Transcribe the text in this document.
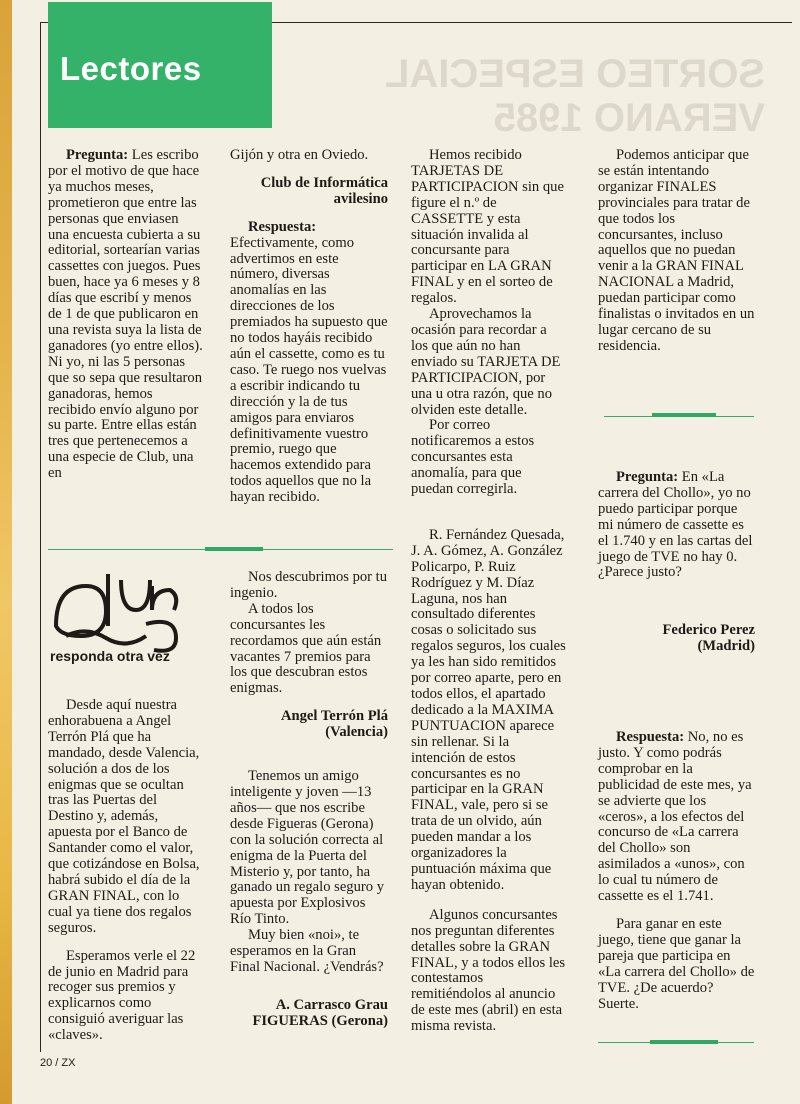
SORTEO ESPECIAL
VERANO 1985
Lectores

Pregunta: Les escribo por el motivo de que hace ya muchos meses, prometieron que entre las personas que enviasen una encuesta cubierta a su editorial, sortearían varias cassettes con juegos. Pues buen, hace ya 6 meses y 8 días que escribí y menos de 1 de que publicaron en una revista suya la lista de ganadores (yo entre ellos). Ni yo, ni las 5 personas que so sepa que resultaron ganadoras, hemos recibido envío alguno por su parte. Entre ellas están tres que pertenecemos a una especie de Club, una en

responda otra vez

Desde aquí nuestra enhorabuena a Angel Terrón Plá que ha mandado, desde Valencia, solución a dos de los enigmas que se ocultan tras las Puertas del Destino y, además, apuesta por el Banco de Santander como el valor, que cotizándose en Bolsa, habrá subido el día de la GRAN FINAL, con lo cual ya tiene dos regalos seguros.

Esperamos verle el 22 de junio en Madrid para recoger sus premios y explicarnos como consiguió averiguar las «claves».

Gijón y otra en Oviedo.

Club de Informática

avilesino

Respuesta:

Efectivamente, como advertimos en este número, diversas anomalías en las direcciones de los premiados ha supuesto que no todos hayáis recibido aún el cassette, como es tu caso. Te ruego nos vuelvas a escribir indicando tu dirección y la de tus amigos para enviaros definitivamente vuestro premio, ruego que hacemos extendido para todos aquellos que no la hayan recibido.

Nos descubrimos por tu ingenio.

A todos los concursantes les recordamos que aún están vacantes 7 premios para los que descubran estos enigmas.

Angel Terrón Plá

(Valencia)

Tenemos un amigo inteligente y joven —13 años— que nos escribe desde Figueras (Gerona) con la solución correcta al enigma de la Puerta del Misterio y, por tanto, ha ganado un regalo seguro y apuesta por Explosivos Río Tinto.

Muy bien «noi», te esperamos en la Gran Final Nacional. ¿Vendrás?

A. Carrasco Grau

FIGUERAS (Gerona)

Hemos recibido TARJETAS DE PARTICIPACION sin que figure el n.º de CASSETTE y esta situación invalida al concursante para participar en LA GRAN FINAL y en el sorteo de regalos.

Aprovechamos la ocasión para recordar a los que aún no han enviado su TARJETA DE PARTICIPACION, por una u otra razón, que no olviden este detalle.

Por correo notificaremos a estos concursantes esta anomalía, para que puedan corregirla.

R. Fernández Quesada, J. A. Gómez, A. González Policarpo, P. Ruiz Rodríguez y M. Díaz Laguna, nos han consultado diferentes cosas o solicitado sus regalos seguros, los cuales ya les han sido remitidos por correo aparte, pero en todos ellos, el apartado dedicado a la MAXIMA PUNTUACION aparece sin rellenar. Si la intención de estos concursantes es no participar en la GRAN FINAL, vale, pero si se trata de un olvido, aún pueden mandar a los organizadores la puntuación máxima que hayan obtenido.

Algunos concursantes nos preguntan diferentes detalles sobre la GRAN FINAL, y a todos ellos les contestamos remitiéndolos al anuncio de este mes (abril) en esta misma revista.

Podemos anticipar que se están intentando organizar FINALES provinciales para tratar de que todos los concursantes, incluso aquellos que no puedan venir a la GRAN FINAL NACIONAL a Madrid, puedan participar como finalistas o invitados en un lugar cercano de su residencia.

Pregunta: En «La carrera del Chollo», yo no puedo participar porque mi número de cassette es el 1.740 y en las cartas del juego de TVE no hay 0. ¿Parece justo?

Federico Perez

(Madrid)

Respuesta: No, no es justo. Y como podrás comprobar en la publicidad de este mes, ya se advierte que los «ceros», a los efectos del concurso de «La carrera del Chollo» son asimilados a «unos», con lo cual tu número de cassette es el 1.741.

Para ganar en este juego, tiene que ganar la pareja que participa en «La carrera del Chollo» de TVE. ¿De acuerdo? Suerte.

20 / ZX
